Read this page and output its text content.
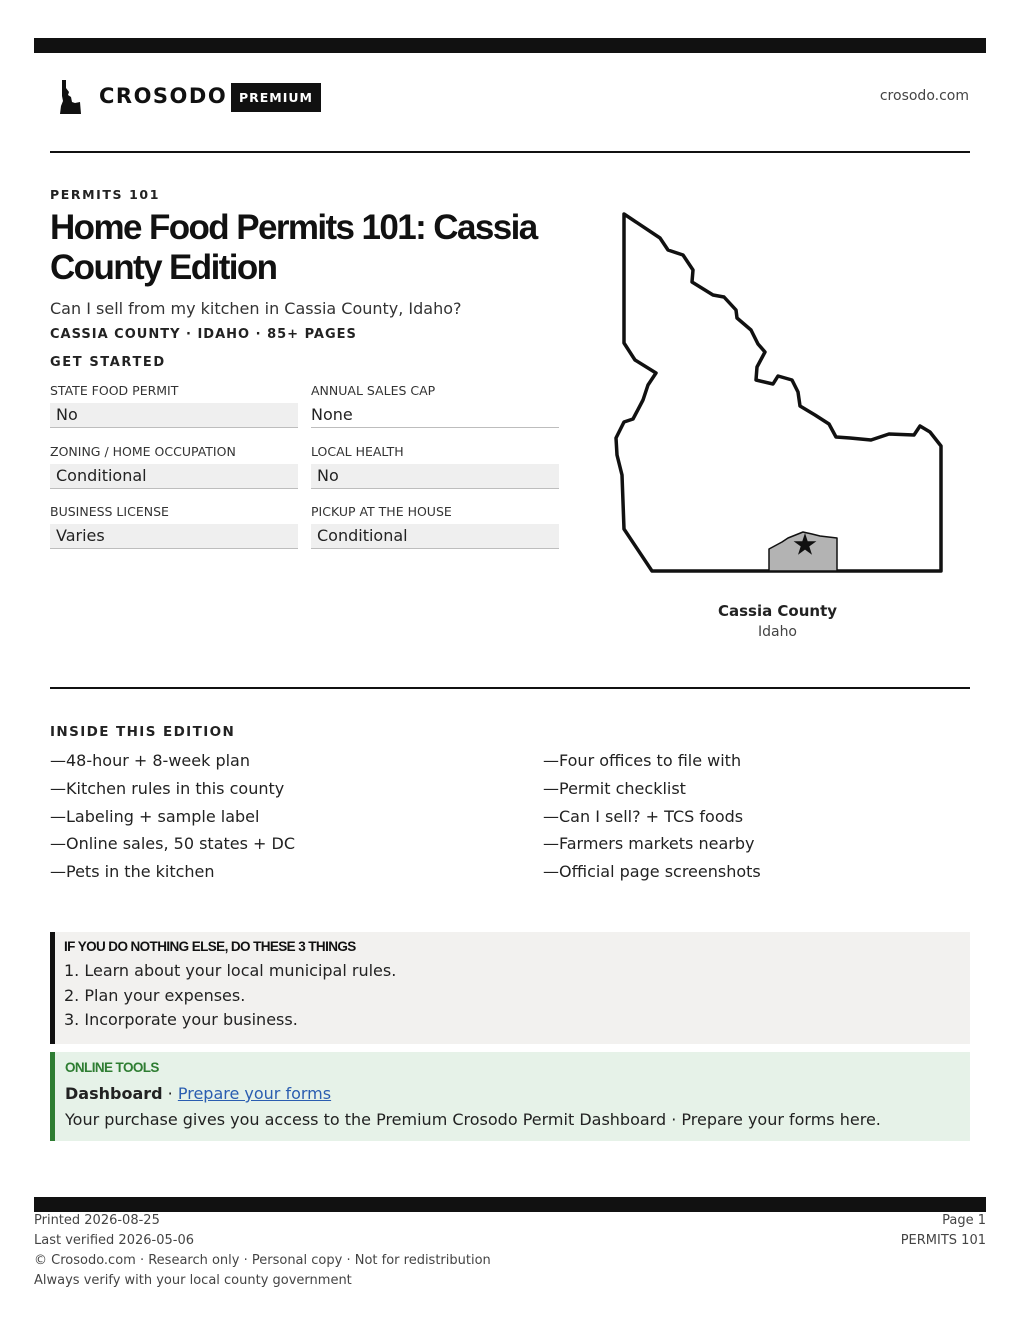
CROSODO PREMIUM	crosodo.com
PERMITS 101
Home Food Permits 101: Cassia County Edition
Can I sell from my kitchen in Cassia County, Idaho?
CASSIA COUNTY · IDAHO · 85+ PAGES
GET STARTED
STATE FOOD PERMIT
No
ANNUAL SALES CAP
None
ZONING / HOME OCCUPATION
Conditional
LOCAL HEALTH
No
BUSINESS LICENSE
Varies
PICKUP AT THE HOUSE
Conditional
Cassia County
Idaho
INSIDE THIS EDITION
—48-hour + 8-week plan
—Kitchen rules in this county
—Labeling + sample label
—Online sales, 50 states + DC
—Pets in the kitchen
—Four offices to file with
—Permit checklist
—Can I sell? + TCS foods
—Farmers markets nearby
—Official page screenshots
IF YOU DO NOTHING ELSE, DO THESE 3 THINGS
1. Learn about your local municipal rules.
2. Plan your expenses.
3. Incorporate your business.
ONLINE TOOLS
Dashboard · Prepare your forms
Your purchase gives you access to the Premium Crosodo Permit Dashboard · Prepare your forms here.
Printed 2026-08-25
Last verified 2026-05-06
© Crosodo.com · Research only · Personal copy · Not for redistribution
Always verify with your local county government
Page 1
PERMITS 101
